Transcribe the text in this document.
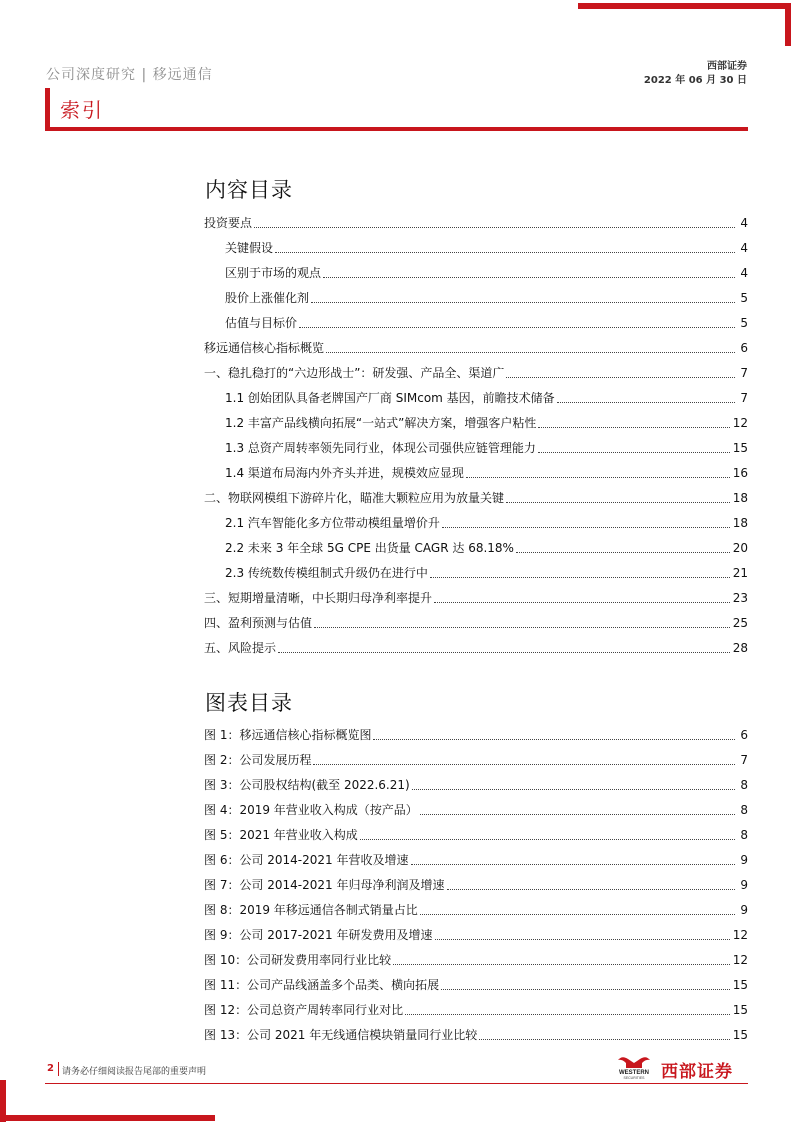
公司深度研究 | 移远通信
西部证券
2022 年 06 月 30 日
索引
内容目录
投资要点	4
关键假设	4
区别于市场的观点	4
股价上涨催化剂	5
估值与目标价	5
移远通信核心指标概览	6
一、稳扎稳打的“六边形战士”：研发强、产品全、渠道广	7
1.1 创始团队具备老牌国产厂商 SIMcom 基因，前瞻技术储备	7
1.2 丰富产品线横向拓展“一站式”解决方案，增强客户粘性	12
1.3 总资产周转率领先同行业，体现公司强供应链管理能力	15
1.4 渠道布局海内外齐头并进，规模效应显现	16
二、物联网模组下游碎片化，瞄准大颗粒应用为放量关键	18
2.1 汽车智能化多方位带动模组量增价升	18
2.2 未来 3 年全球 5G CPE 出货量 CAGR 达 68.18%	20
2.3 传统数传模组制式升级仍在进行中	21
三、短期增量清晰，中长期归母净利率提升	23
四、盈利预测与估值	25
五、风险提示	28
图表目录
图 1：移远通信核心指标概览图	6
图 2：公司发展历程	7
图 3：公司股权结构(截至 2022.6.21)	8
图 4：2019 年营业收入构成（按产品）	8
图 5：2021 年营业收入构成	8
图 6：公司 2014-2021 年营收及增速	9
图 7：公司 2014-2021 年归母净利润及增速	9
图 8：2019 年移远通信各制式销量占比	9
图 9：公司 2017-2021 年研发费用及增速	12
图 10：公司研发费用率同行业比较	12
图 11：公司产品线涵盖多个品类、横向拓展	15
图 12：公司总资产周转率同行业对比	15
图 13：公司 2021 年无线通信模块销量同行业比较	15
2 请务必仔细阅读报告尾部的重要声明	WESTERN
SECURITIES 西部证券
